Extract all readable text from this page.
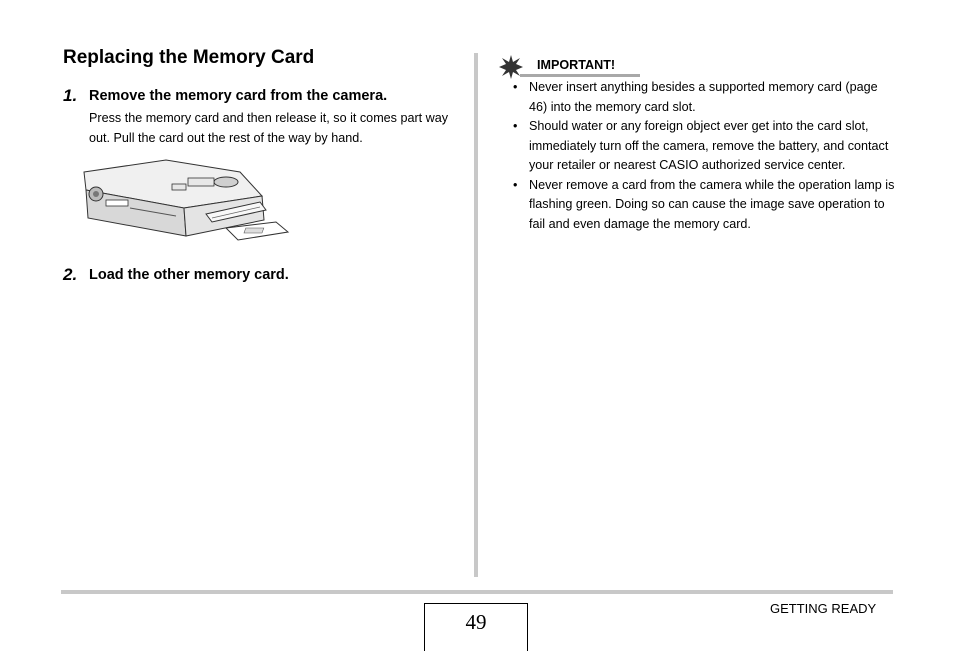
Replacing the Memory Card
1. Remove the memory card from the camera.
Press the memory card and then release it, so it comes part way out. Pull the card out the rest of the way by hand.
2. Load the other memory card.
IMPORTANT!
• Never insert anything besides a supported memory card (page 46) into the memory card slot.
• Should water or any foreign object ever get into the card slot, immediately turn off the camera, remove the battery, and contact your retailer or nearest CASIO authorized service center.
• Never remove a card from the camera while the operation lamp is flashing green. Doing so can cause the image save operation to fail and even damage the memory card.
49
GETTING READY
